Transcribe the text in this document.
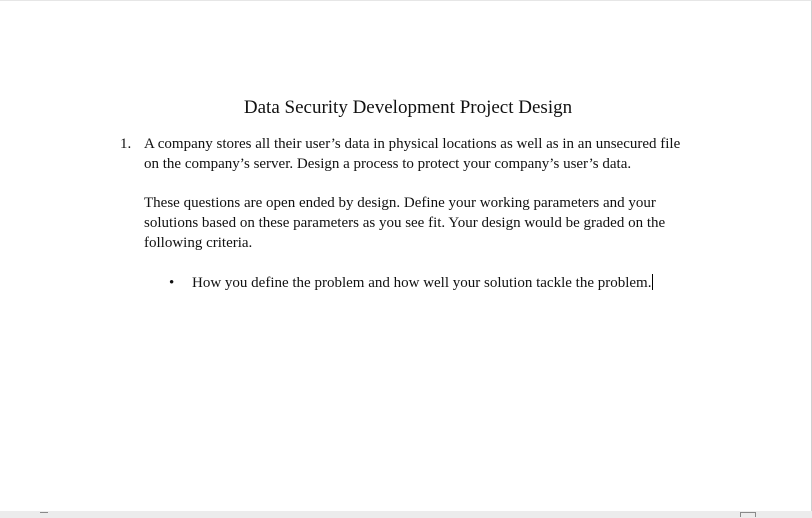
Data Security Development Project Design
1. A company stores all their user’s data in physical locations as well as in an unsecured file
on the company’s server. Design a process to protect your company’s user’s data.

These questions are open ended by design. Define your working parameters and your
solutions based on these parameters as you see fit. Your design would be graded on the
following criteria.

• How you define the problem and how well your solution tackle the problem.
